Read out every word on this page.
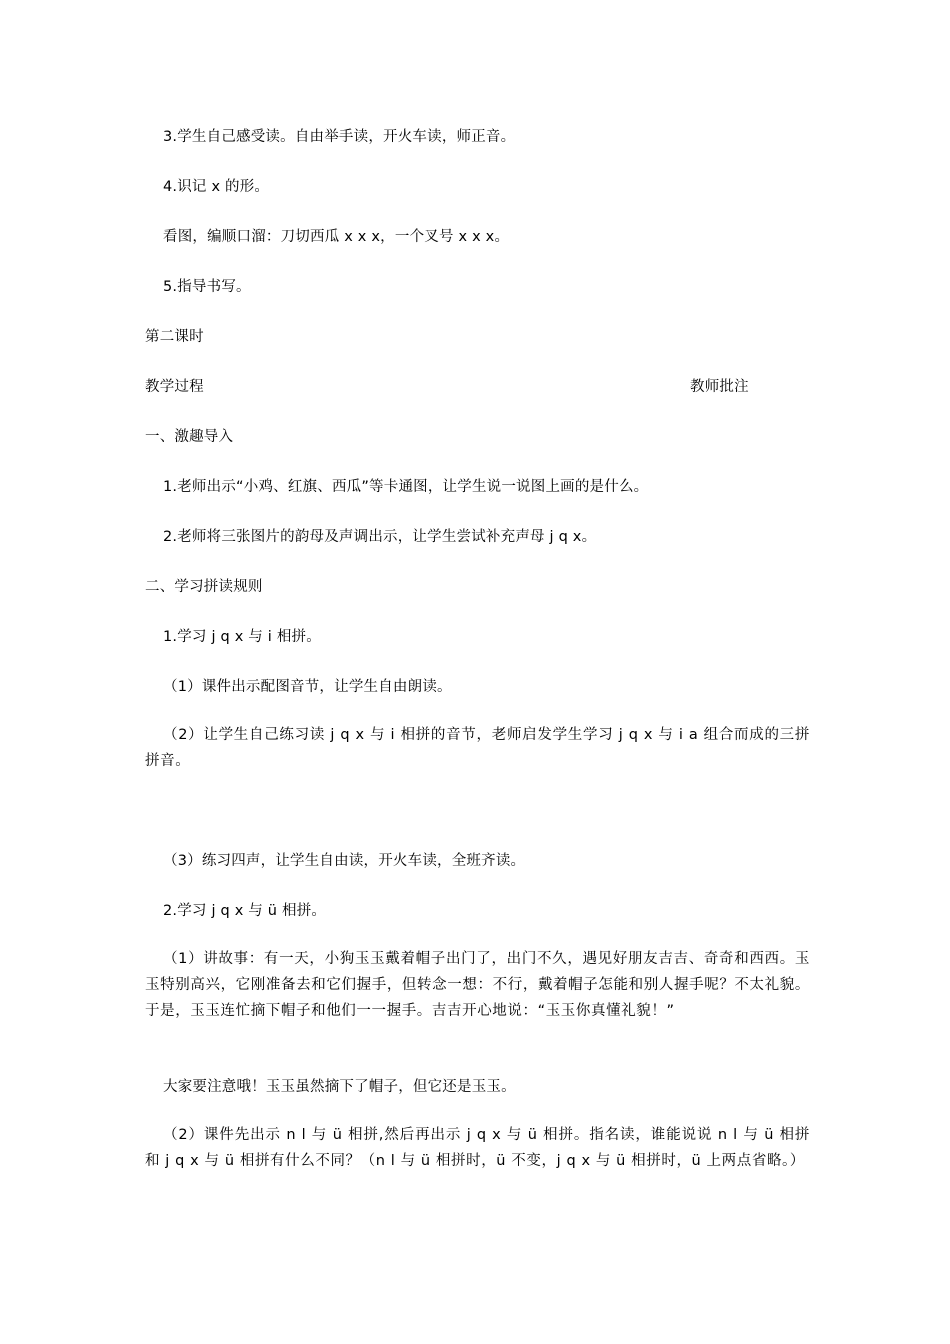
3.学生自己感受读。自由举手读，开火车读，师正音。
4.识记 x 的形。
看图，编顺口溜：刀切西瓜 x x x，一个叉号 x x x。
5.指导书写。
第二课时
教学过程	教师批注
一、激趣导入
1.老师出示“小鸡、红旗、西瓜”等卡通图，让学生说一说图上画的是什么。
2.老师将三张图片的韵母及声调出示，让学生尝试补充声母 j q x。
二、学习拼读规则
1.学习 j q x 与 i 相拼。
（1）课件出示配图音节，让学生自由朗读。
（2）让学生自己练习读 j q x 与 i 相拼的音节，老师启发学生学习 j q x 与 i a 组合而成的三拼拼音。
（3）练习四声，让学生自由读，开火车读，全班齐读。
2.学习 j q x 与 ü 相拼。
（1）讲故事：有一天，小狗玉玉戴着帽子出门了，出门不久，遇见好朋友吉吉、奇奇和西西。玉玉特别高兴，它刚准备去和它们握手，但转念一想：不行，戴着帽子怎能和别人握手呢？不太礼貌。于是，玉玉连忙摘下帽子和他们一一握手。吉吉开心地说：“玉玉你真懂礼貌！”
大家要注意哦！玉玉虽然摘下了帽子，但它还是玉玉。
（2）课件先出示 n l 与 ü 相拼,然后再出示 j q x 与 ü 相拼。指名读，谁能说说 n l 与 ü 相拼和 j q x 与 ü 相拼有什么不同？（n l 与 ü 相拼时，ü 不变，j q x 与 ü 相拼时，ü 上两点省略。）
